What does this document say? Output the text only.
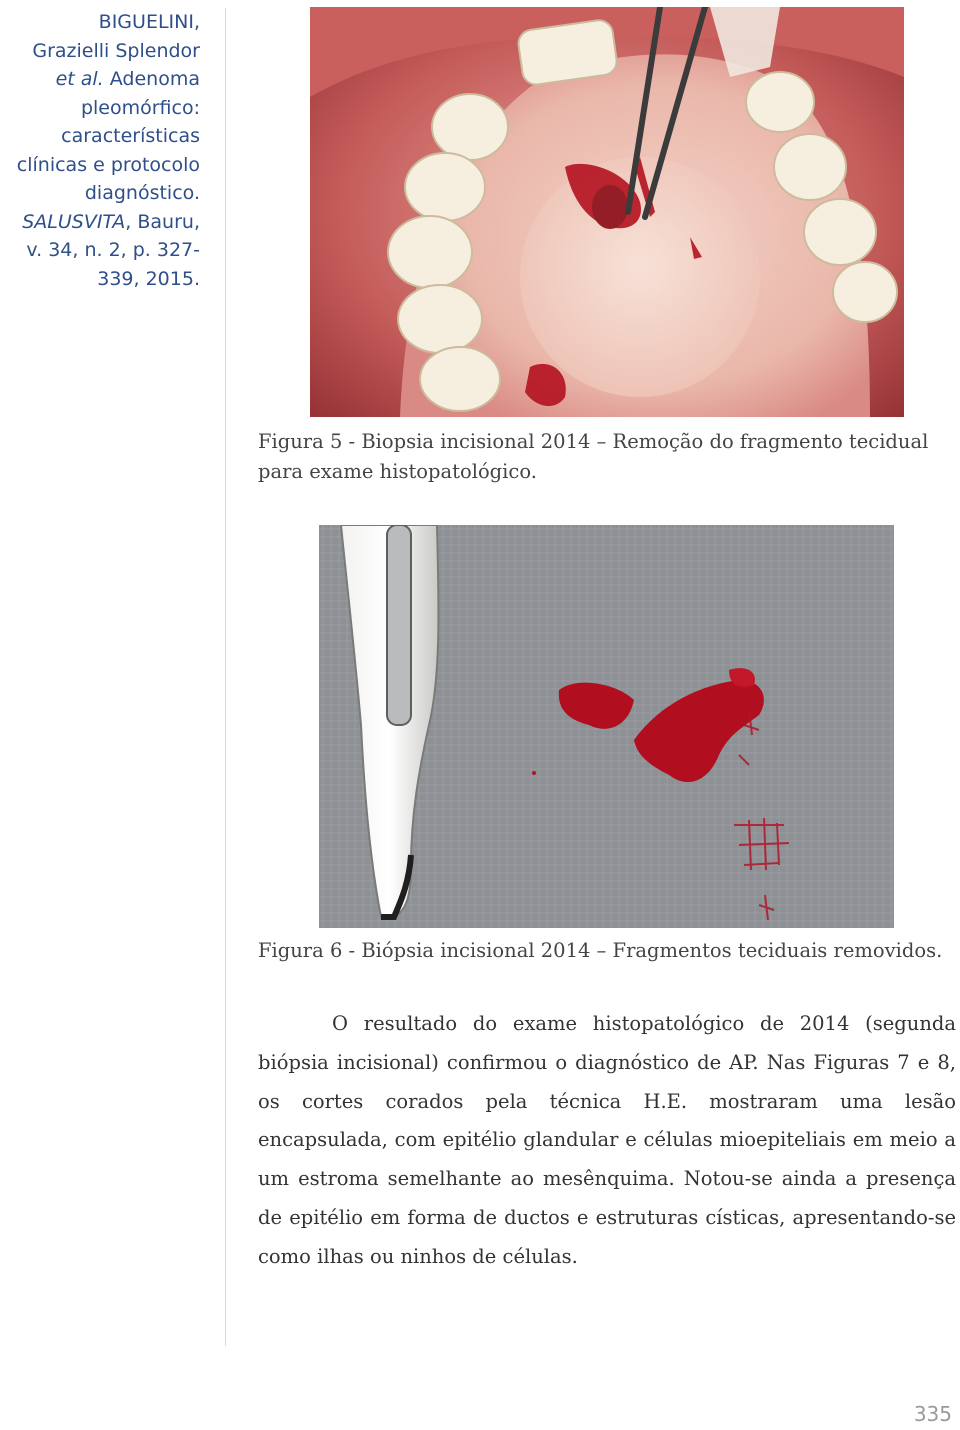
BIGUELINI,
Grazielli Splendor
et al. Adenoma
pleomórfico:
características
clínicas e protocolo
diagnóstico.
SALUSVITA, Bauru,
v. 34, n. 2, p. 327-
339, 2015.
Figura 5 - Biopsia incisional 2014 – Remoção do fragmento tecidual para exame histopatológico.
Figura 6 - Biópsia incisional 2014 – Fragmentos teciduais removidos.

O resultado do exame histopatológico de 2014 (segunda biópsia incisional) confirmou o diagnóstico de AP. Nas Figuras 7 e 8, os cortes corados pela técnica H.E. mostraram uma lesão encapsulada, com epitélio glandular e células mioepiteliais em meio a um estroma semelhante ao mesênquima. Notou-se ainda a presença de epitélio em forma de ductos e estruturas císticas, apresentando-se como ilhas ou ninhos de células.

335
